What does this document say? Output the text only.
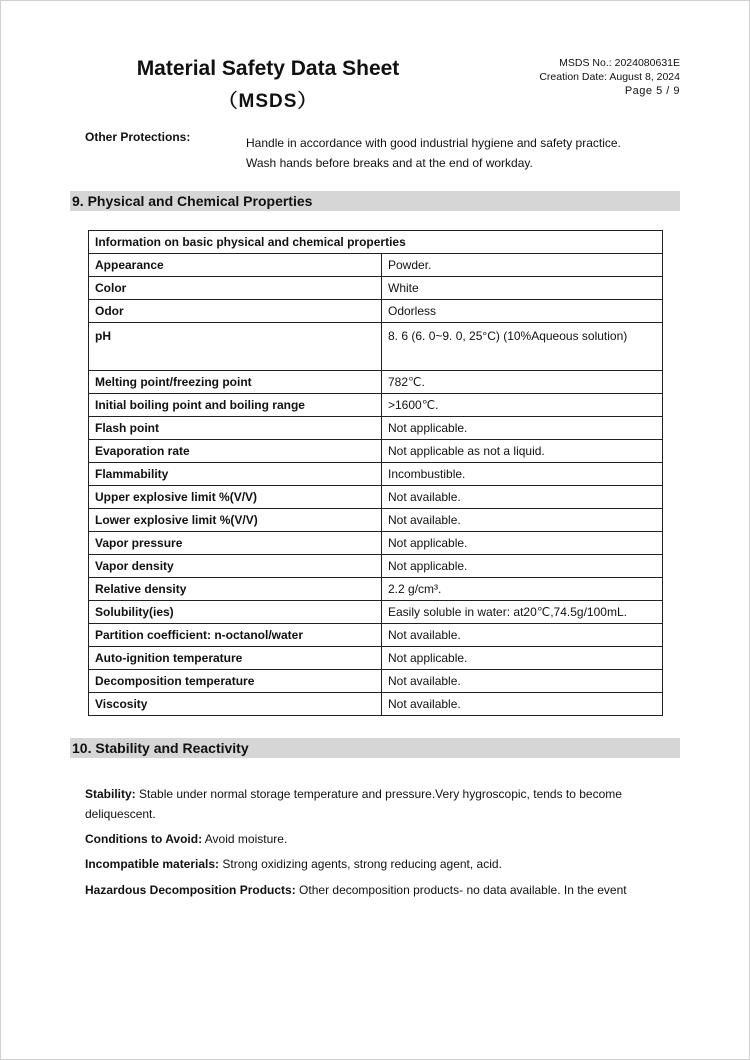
Material Safety Data Sheet
（MSDS）
MSDS No.: 2024080631E
Creation Date: August 8, 2024
Page 5 / 9
Other Protections:	Handle in accordance with good industrial hygiene and safety practice.
Wash hands before breaks and at the end of workday.
9. Physical and Chemical Properties
Information on basic physical and chemical properties	
Appearance	Powder.
Color	White
Odor	Odorless
pH	8. 6 (6. 0~9. 0, 25°C) (10%Aqueous solution)
Melting point/freezing point	782℃.
Initial boiling point and boiling range	>1600℃.
Flash point	Not applicable.
Evaporation rate	Not applicable as not a liquid.
Flammability	Incombustible.
Upper explosive limit %(V/V)	Not available.
Lower explosive limit %(V/V)	Not available.
Vapor pressure	Not applicable.
Vapor density	Not applicable.
Relative density	2.2 g/cm³.
Solubility(ies)	Easily soluble in water: at20℃,74.5g/100mL.
Partition coefficient: n-octanol/water	Not available.
Auto-ignition temperature	Not applicable.
Decomposition temperature	Not available.
Viscosity	Not available.
10. Stability and Reactivity
Stability: Stable under normal storage temperature and pressure.Very hygroscopic, tends to become deliquescent.
Conditions to Avoid: Avoid moisture.
Incompatible materials: Strong oxidizing agents, strong reducing agent, acid.
Hazardous Decomposition Products: Other decomposition products- no data available. In the event
